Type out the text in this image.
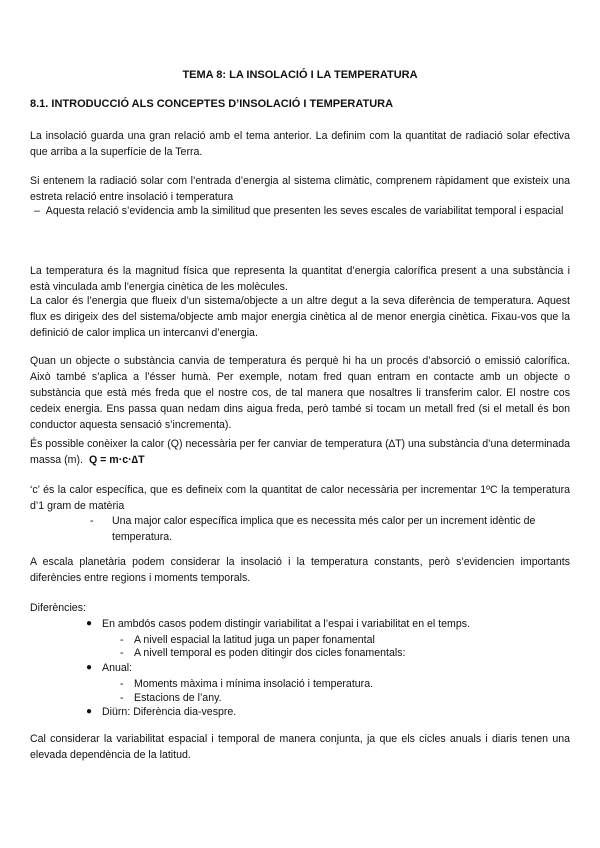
TEMA 8: LA INSOLACIÓ I LA TEMPERATURA
8.1. INTRODUCCIÓ ALS CONCEPTES D’INSOLACIÓ I TEMPERATURA

La insolació guarda una gran relació amb el tema anterior. La definim com la quantitat de radiació solar efectiva que arriba a la superfície de la Terra.

Si entenem la radiació solar com l’entrada d’energia al sistema climàtic, comprenem ràpidament que existeix una estreta relació entre insolació i temperatura

–  Aquesta relació s’evidencia amb la similitud que presenten les seves escales de variabilitat temporal i espacial

La temperatura és la magnitud física que representa la quantitat d’energia calorífica present a una substància i està vinculada amb l’energia cinètica de les molècules.

La calor és l’energia que flueix d’un sistema/objecte a un altre degut a la seva diferència de temperatura. Aquest flux es dirigeix des del sistema/objecte amb major energia cinètica al de menor energia cinètica. Fixau-vos que la definició de calor implica un intercanvi d’energia.

Quan un objecte o substància canvia de temperatura és perquè hi ha un procés d’absorció o emissió calorífica. Això també s’aplica a l’ésser humà. Per exemple, notam fred quan entram en contacte amb un objecte o substància que està més freda que el nostre cos, de tal manera que nosaltres li transferim calor. El nostre cos cedeix energia. Ens passa quan nedam dins aigua freda, però també si tocam un metall fred (si el metall és bon conductor aquesta sensació s’incrementa).

És possible conèixer la calor (Q) necessària per fer canviar de temperatura (∆T) una substància d’una determinada massa (m). Q = m·c·∆T

‘c’ és la calor específica, que es defineix com la quantitat de calor necessària per incrementar 1ºC la temperatura d’1 gram de matèria

- Una major calor específica implica que es necessita més calor per un increment idèntic de temperatura.

A escala planetària podem considerar la insolació i la temperatura constants, però s’evidencien importants diferències entre regions i moments temporals.

Diferències:

● En ambdós casos podem distingir variabilitat a l’espai i variabilitat en el temps.
- A nivell espacial la latitud juga un paper fonamental
- A nivell temporal es poden ditingir dos cicles fonamentals:
● Anual:
- Moments màxima i mínima insolació i temperatura.
- Estacions de l’any.
● Diürn: Diferència dia-vespre.

Cal considerar la variabilitat espacial i temporal de manera conjunta, ja que els cicles anuals i diaris tenen una elevada dependència de la latitud.
